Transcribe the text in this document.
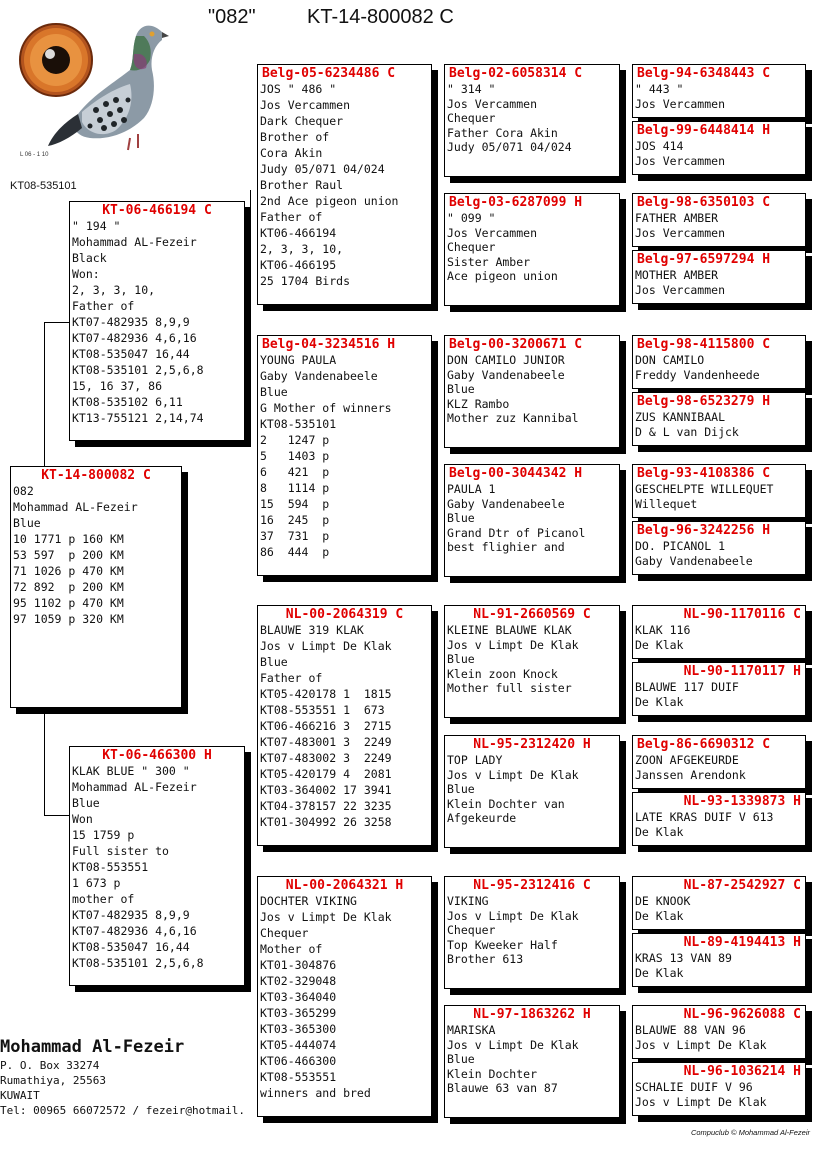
"082"	KT-14-800082 C
L 06 - 1 10
KT08-535101
KT-14-800082 C
082
Mohammad AL-Fezeir
Blue
10 1771 p 160 KM
53 597  p 200 KM
71 1026 p 470 KM
72 892  p 200 KM
95 1102 p 470 KM
97 1059 p 320 KM
KT-06-466194 C
" 194 "
Mohammad AL-Fezeir
Black
Won:
2, 3, 3, 10,
Father of
KT07-482935 8,9,9
KT07-482936 4,6,16
KT08-535047 16,44
KT08-535101 2,5,6,8
15, 16 37, 86
KT08-535102 6,11
KT13-755121 2,14,74
KT-06-466300 H
KLAK BLUE " 300 "
Mohammad AL-Fezeir
Blue
Won
15 1759 p
Full sister to
KT08-553551
1 673 p
mother of
KT07-482935 8,9,9
KT07-482936 4,6,16
KT08-535047 16,44
KT08-535101 2,5,6,8
Belg-05-6234486 C
JOS " 486 "
Jos Vercammen
Dark Chequer
Brother of
Cora Akin
Judy 05/071 04/024
Brother Raul
2nd Ace pigeon union
Father of
KT06-466194
2, 3, 3, 10,
KT06-466195
25 1704 Birds
Belg-04-3234516 H
YOUNG PAULA
Gaby Vandenabeele
Blue
G Mother of winners
KT08-535101
2   1247 p
5   1403 p
6   421  p
8   1114 p
15  594  p
16  245  p
37  731  p
86  444  p
NL-00-2064319 C
BLAUWE 319 KLAK
Jos v Limpt De Klak
Blue
Father of
KT05-420178 1  1815
KT08-553551 1  673
KT06-466216 3  2715
KT07-483001 3  2249
KT07-483002 3  2249
KT05-420179 4  2081
KT03-364002 17 3941
KT04-378157 22 3235
KT01-304992 26 3258
NL-00-2064321 H
DOCHTER VIKING
Jos v Limpt De Klak
Chequer
Mother of
KT01-304876
KT02-329048
KT03-364040
KT03-365299
KT03-365300
KT05-444074
KT06-466300
KT08-553551
winners and bred
Belg-02-6058314 C
" 314 "
Jos Vercammen
Chequer
Father Cora Akin
Judy 05/071 04/024
Belg-03-6287099 H
" 099 "
Jos Vercammen
Chequer
Sister Amber
Ace pigeon union
Belg-00-3200671 C
DON CAMILO JUNIOR
Gaby Vandenabeele
Blue
KLZ Rambo
Mother zuz Kannibal
Belg-00-3044342 H
PAULA 1
Gaby Vandenabeele
Blue
Grand Dtr of Picanol
best flighier and
NL-91-2660569 C
KLEINE BLAUWE KLAK
Jos v Limpt De Klak
Blue
Klein zoon Knock
Mother full sister
NL-95-2312420 H
TOP LADY
Jos v Limpt De Klak
Blue
Klein Dochter van
Afgekeurde
NL-95-2312416 C
VIKING
Jos v Limpt De Klak
Chequer
Top Kweeker Half
Brother 613
NL-97-1863262 H
MARISKA
Jos v Limpt De Klak
Blue
Klein Dochter
Blauwe 63 van 87
Belg-94-6348443 C
" 443 "
Jos Vercammen
Belg-99-6448414 H
JOS 414
Jos Vercammen
Belg-98-6350103 C
FATHER AMBER
Jos Vercammen
Belg-97-6597294 H
MOTHER AMBER
Jos Vercammen
Belg-98-4115800 C
DON CAMILO
Freddy Vandenheede
Belg-98-6523279 H
ZUS KANNIBAAL
D & L van Dijck
Belg-93-4108386 C
GESCHELPTE WILLEQUET
Willequet
Belg-96-3242256 H
DO. PICANOL 1
Gaby Vandenabeele
NL-90-1170116 C
KLAK 116
De Klak
NL-90-1170117 H
BLAUWE 117 DUIF
De Klak
Belg-86-6690312 C
ZOON AFGEKEURDE
Janssen Arendonk
NL-93-1339873 H
LATE KRAS DUIF V 613
De Klak
NL-87-2542927 C
DE KNOOK
De Klak
NL-89-4194413 H
KRAS 13 VAN 89
De Klak
NL-96-9626088 C
BLAUWE 88 VAN 96
Jos v Limpt De Klak
NL-96-1036214 H
SCHALIE DUIF V 96
Jos v Limpt De Klak
Mohammad Al-Fezeir
P. O. Box 33274
Rumathiya, 25563
KUWAIT
Tel: 00965 66072572 / fezeir@hotmail.
Compuclub © Mohammad Al-Fezeir
